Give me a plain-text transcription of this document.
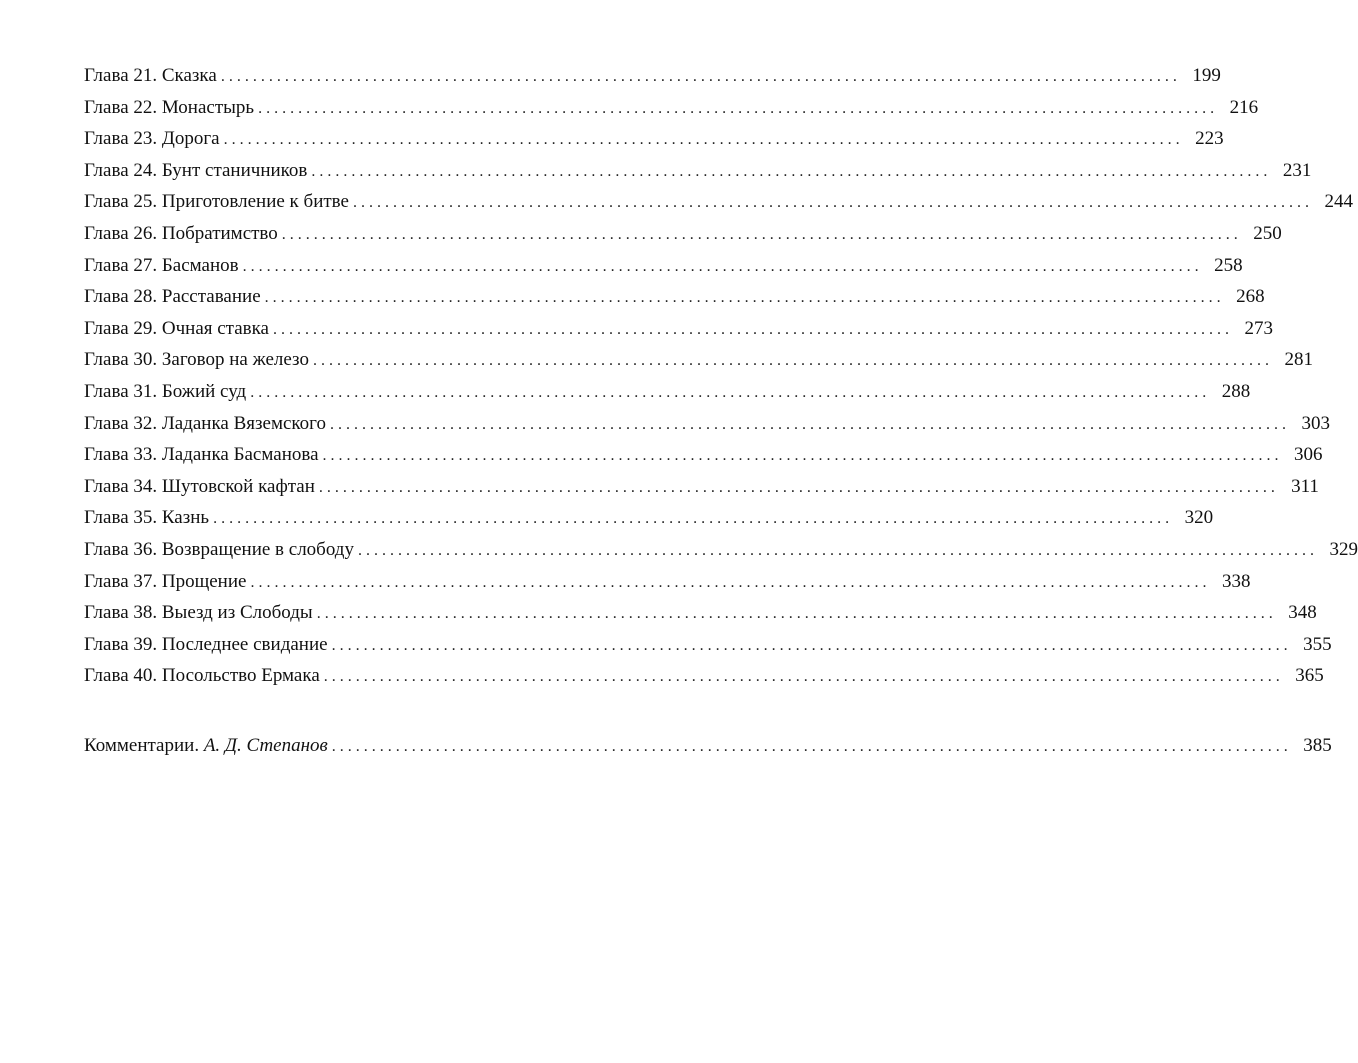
Глава 21. Сказка ........................................................................................................................ 199
Глава 22. Монастырь ........................................................................................................................ 216
Глава 23. Дорога ........................................................................................................................ 223
Глава 24. Бунт станичников ........................................................................................................................ 231
Глава 25. Приготовление к битве ........................................................................................................................ 244
Глава 26. Побратимство ........................................................................................................................ 250
Глава 27. Басманов ........................................................................................................................ 258
Глава 28. Расставание ........................................................................................................................ 268
Глава 29. Очная ставка ........................................................................................................................ 273
Глава 30. Заговор на железо ........................................................................................................................ 281
Глава 31. Божий суд ........................................................................................................................ 288
Глава 32. Ладанка Вяземского ........................................................................................................................ 303
Глава 33. Ладанка Басманова ........................................................................................................................ 306
Глава 34. Шутовской кафтан ........................................................................................................................ 311
Глава 35. Казнь ........................................................................................................................ 320
Глава 36. Возвращение в слободу ........................................................................................................................ 329
Глава 37. Прощение ........................................................................................................................ 338
Глава 38. Выезд из Слободы ........................................................................................................................ 348
Глава 39. Последнее свидание ........................................................................................................................ 355
Глава 40. Посольство Ермака ........................................................................................................................ 365
Комментарии. А. Д. Степанов ........................................................................................................................ 385
